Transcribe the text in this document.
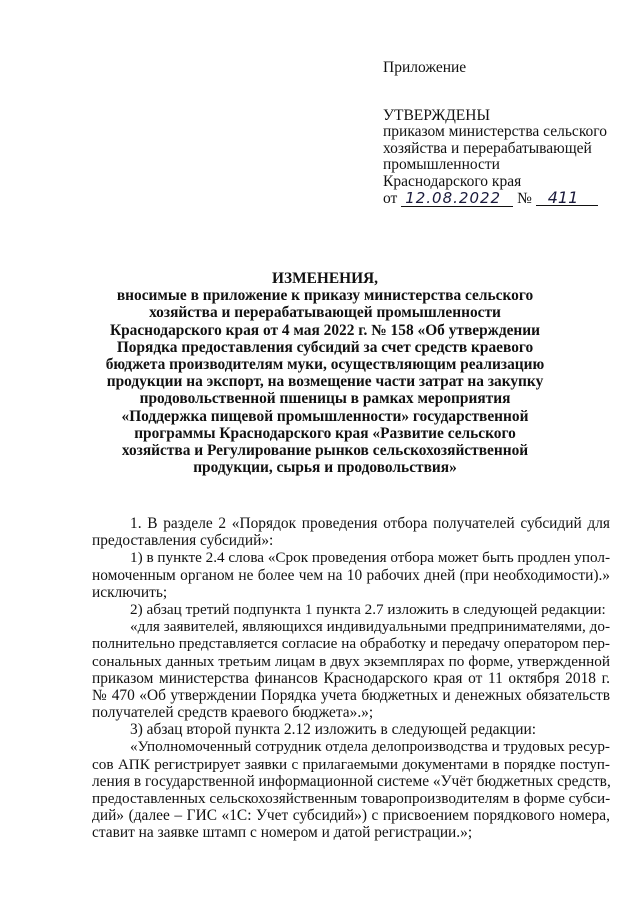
Приложение
УТВЕРЖДЕНЫ
приказом министерства сельского
хозяйства и перерабатывающей
промышленности
Краснодарского края
от 12.08.2022 № 411
ИЗМЕНЕНИЯ,
вносимые в приложение к приказу министерства сельского
хозяйства и перерабатывающей промышленности
Краснодарского края от 4 мая 2022 г. № 158 «Об утверждении
Порядка предоставления субсидий за счет средств краевого
бюджета производителям муки, осуществляющим реализацию
продукции на экспорт, на возмещение части затрат на закупку
продовольственной пшеницы в рамках мероприятия
«Поддержка пищевой промышленности» государственной
программы Краснодарского края «Развитие сельского
хозяйства и Регулирование рынков сельскохозяйственной
продукции, сырья и продовольствия»
1. В разделе 2 «Порядок проведения отбора получателей субсидий для
предоставления субсидий»:
1) в пункте 2.4 слова «Срок проведения отбора может быть продлен упол-
номоченным органом не более чем на 10 рабочих дней (при необходимости).»
исключить;
2) абзац третий подпункта 1 пункта 2.7 изложить в следующей редакции:
«для заявителей, являющихся индивидуальными предпринимателями, до-
полнительно представляется согласие на обработку и передачу оператором пер-
сональных данных третьим лицам в двух экземплярах по форме, утвержденной
приказом министерства финансов Краснодарского края от 11 октября 2018 г.
№ 470 «Об утверждении Порядка учета бюджетных и денежных обязательств
получателей средств краевого бюджета».»;
3) абзац второй пункта 2.12 изложить в следующей редакции:
«Уполномоченный сотрудник отдела делопроизводства и трудовых ресур-
сов АПК регистрирует заявки с прилагаемыми документами в порядке поступ-
ления в государственной информационной системе «Учёт бюджетных средств,
предоставленных сельскохозяйственным товаропроизводителям в форме субси-
дий» (далее – ГИС «1С: Учет субсидий») с присвоением порядкового номера,
ставит на заявке штамп с номером и датой регистрации.»;
